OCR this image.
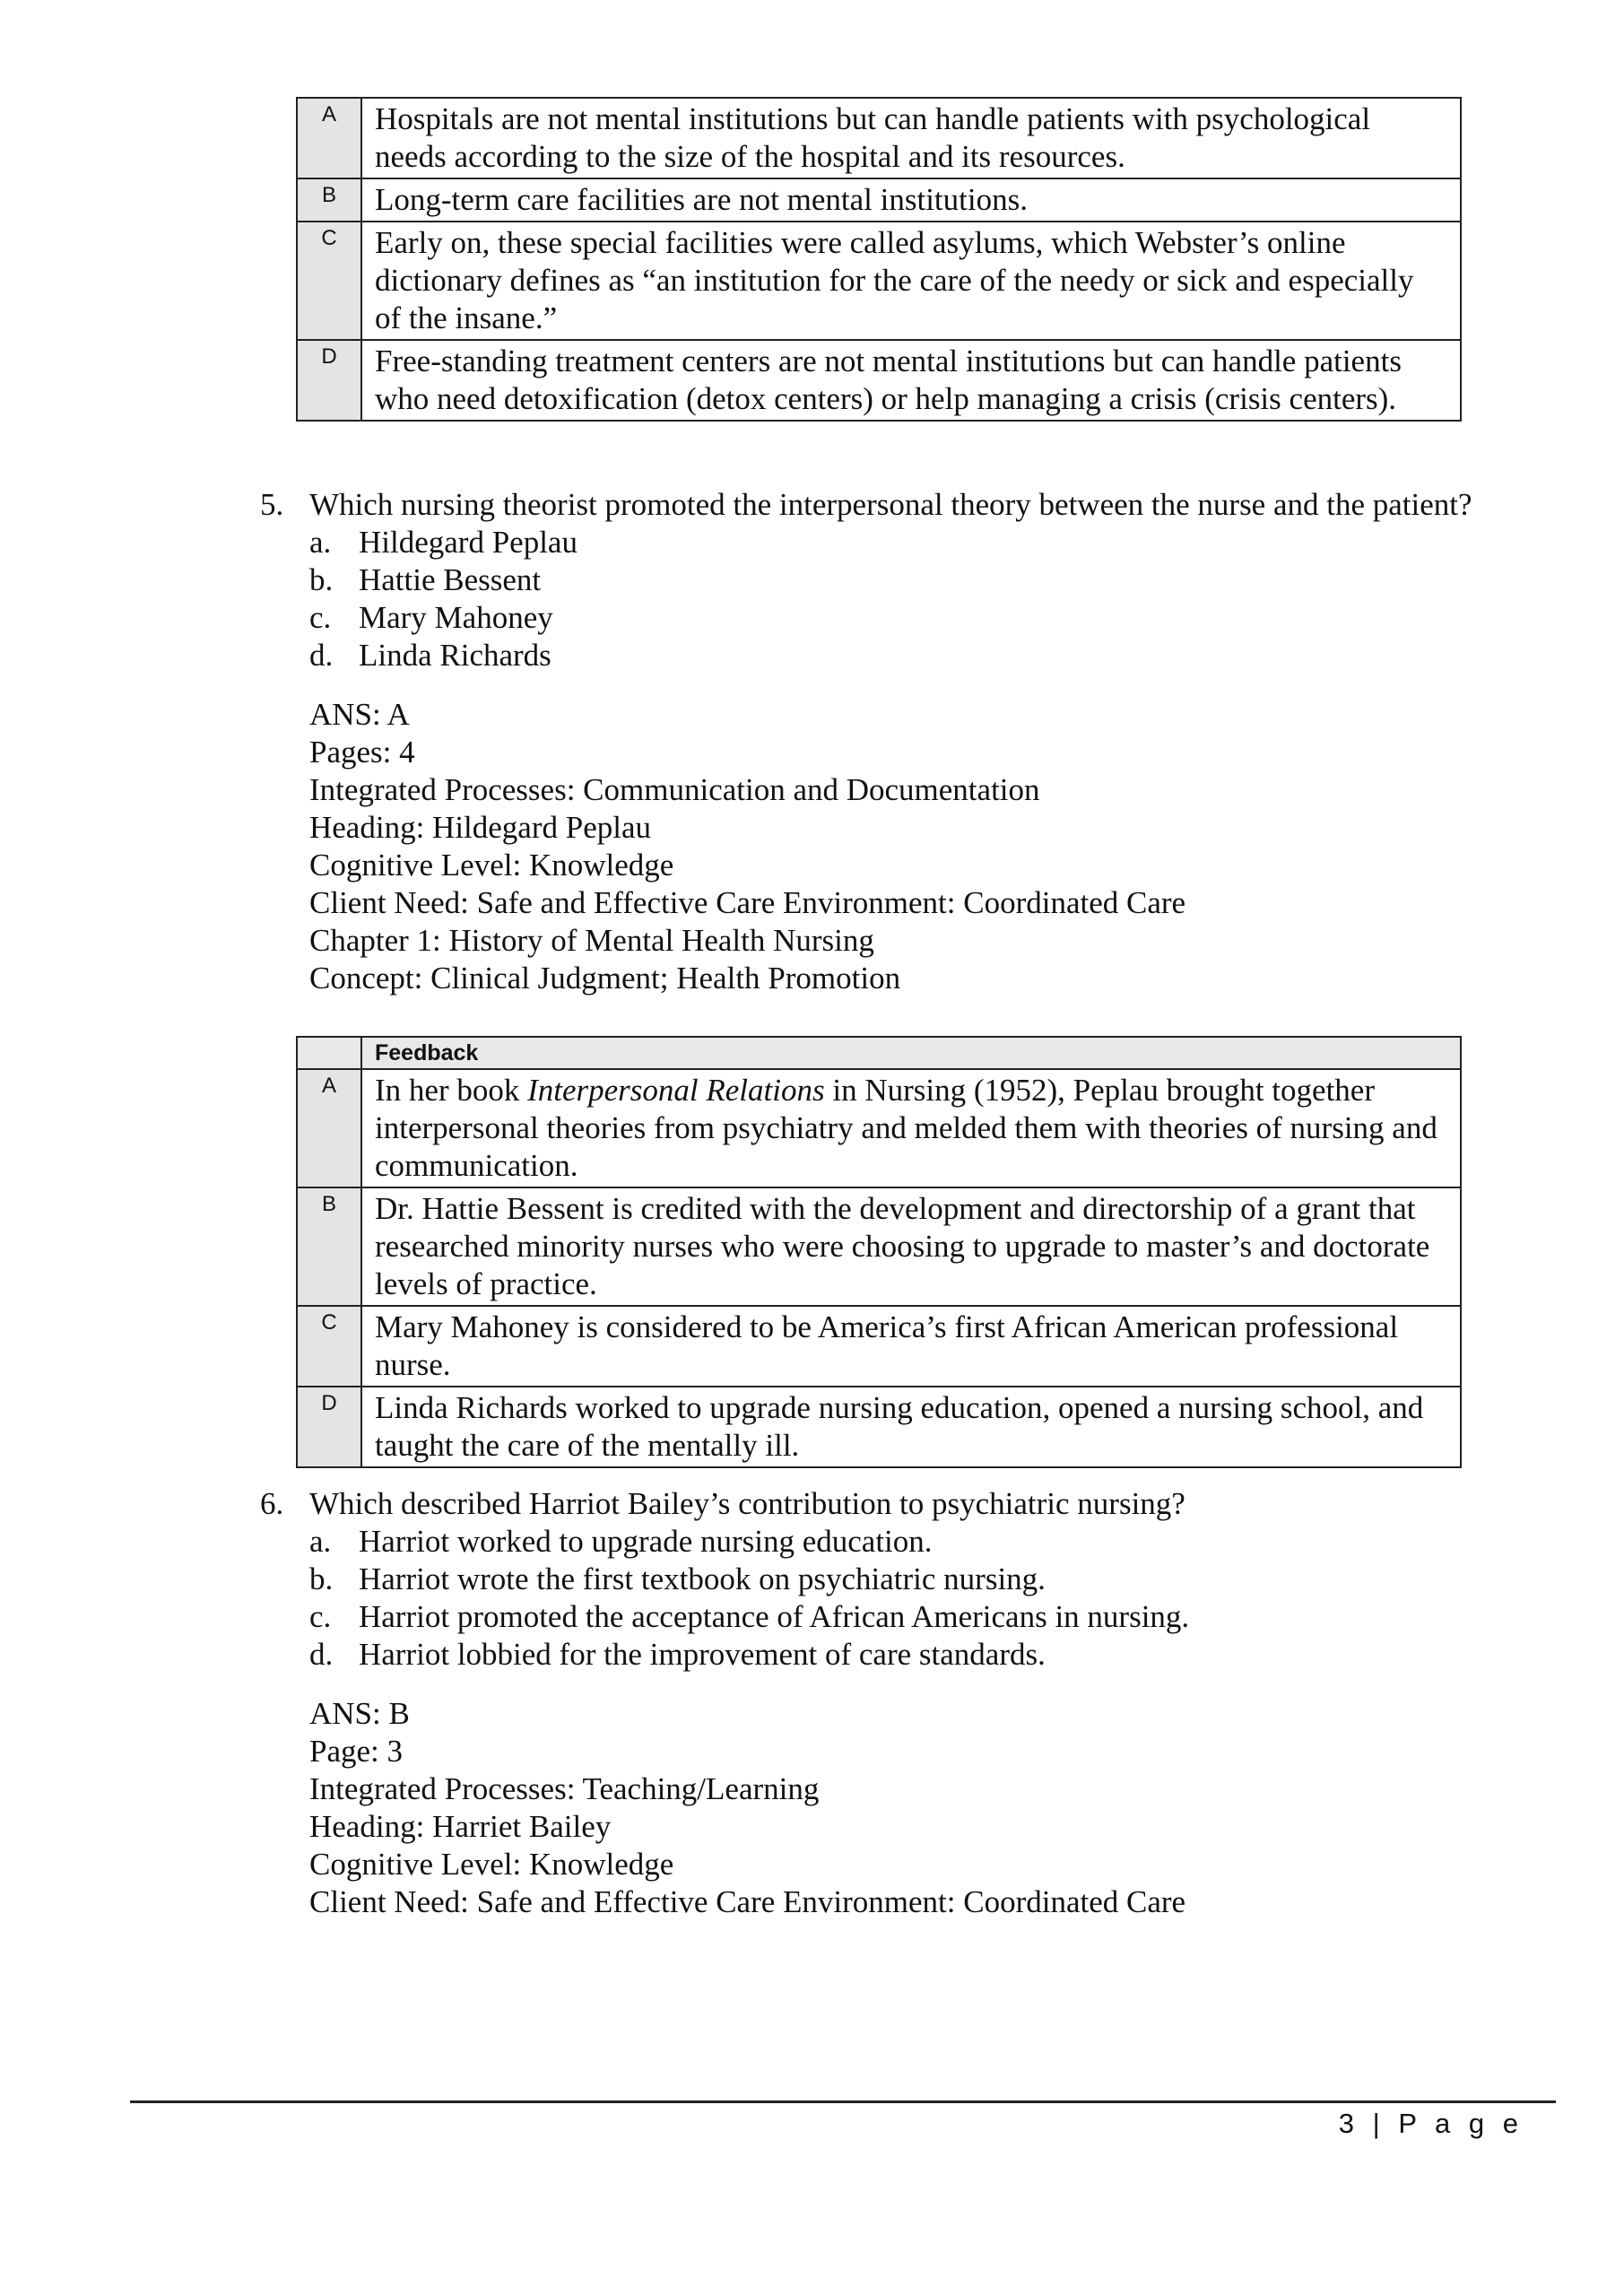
A	Hospitals are not mental institutions but can handle patients with psychological needs according to the size of the hospital and its resources.
B	Long-term care facilities are not mental institutions.
C	Early on, these special facilities were called asylums, which Webster’s online dictionary defines as “an institution for the care of the needy or sick and especially of the insane.”
D	Free-standing treatment centers are not mental institutions but can handle patients who need detoxification (detox centers) or help managing a crisis (crisis centers).
5. Which nursing theorist promoted the interpersonal theory between the nurse and the patient?
a. Hildegard Peplau
b. Hattie Bessent
c. Mary Mahoney
d. Linda Richards
ANS: A
Pages: 4
Integrated Processes: Communication and Documentation
Heading: Hildegard Peplau
Cognitive Level: Knowledge
Client Need: Safe and Effective Care Environment: Coordinated Care
Chapter 1: History of Mental Health Nursing
Concept: Clinical Judgment; Health Promotion
	Feedback
A	In her book Interpersonal Relations in Nursing (1952), Peplau brought together interpersonal theories from psychiatry and melded them with theories of nursing and communication.
B	Dr. Hattie Bessent is credited with the development and directorship of a grant that researched minority nurses who were choosing to upgrade to master’s and doctorate levels of practice.
C	Mary Mahoney is considered to be America’s first African American professional nurse.
D	Linda Richards worked to upgrade nursing education, opened a nursing school, and taught the care of the mentally ill.
6. Which described Harriot Bailey’s contribution to psychiatric nursing?
a. Harriot worked to upgrade nursing education.
b. Harriot wrote the first textbook on psychiatric nursing.
c. Harriot promoted the acceptance of African Americans in nursing.
d. Harriot lobbied for the improvement of care standards.
ANS: B
Page: 3
Integrated Processes: Teaching/Learning
Heading: Harriet Bailey
Cognitive Level: Knowledge
Client Need: Safe and Effective Care Environment: Coordinated Care
3 | P a g e
